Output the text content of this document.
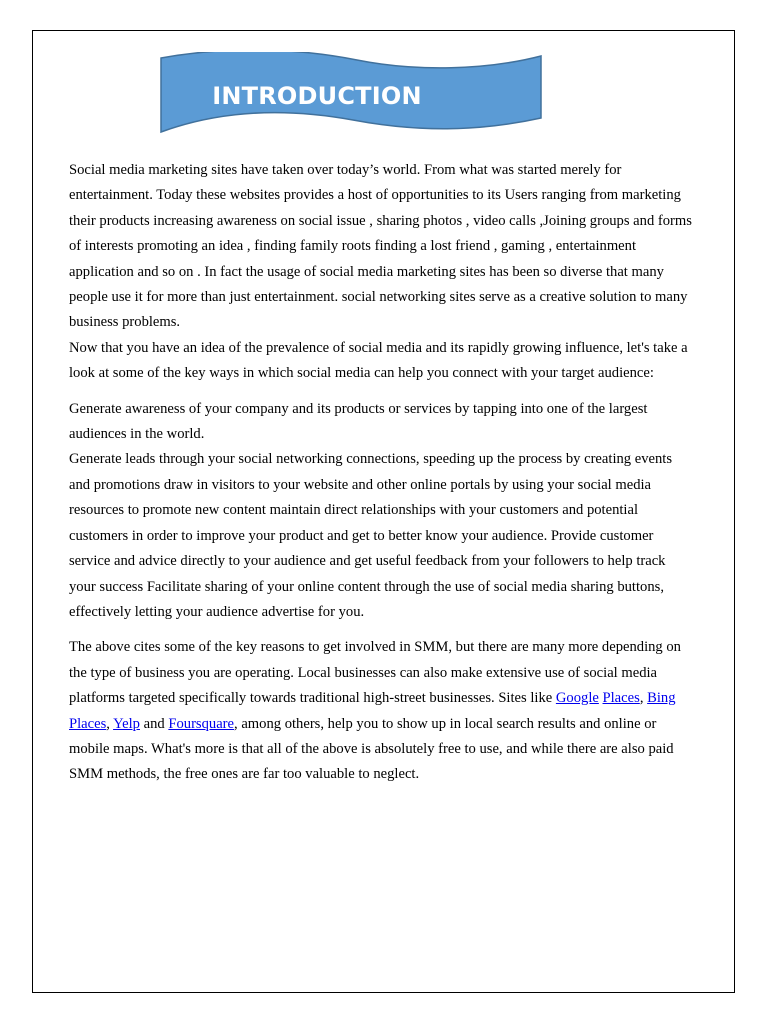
INTRODUCTION

Social media marketing sites have taken over today’s world. From what was started merely for entertainment. Today these websites provides a host of opportunities to its Users ranging from marketing their products increasing awareness on social issue , sharing photos , video calls ,Joining groups and forms of interests promoting an idea , finding family roots finding a lost friend , gaming , entertainment application and so on . In fact the usage of social media marketing sites has been so diverse that many people use it for more than just entertainment. social networking sites serve as a creative solution to many business problems.

Now that you have an idea of the prevalence of social media and its rapidly growing influence, let's take a look at some of the key ways in which social media can help you connect with your target audience:

Generate awareness of your company and its products or services by tapping into one of the largest audiences in the world.

Generate leads through your social networking connections, speeding up the process by creating events and promotions draw in visitors to your website and other online portals by using your social media resources to promote new content maintain direct relationships with your customers and potential customers in order to improve your product and get to better know your audience. Provide customer service and advice directly to your audience and get useful feedback from your followers to help track your success Facilitate sharing of your online content through the use of social media sharing buttons, effectively letting your audience advertise for you.

The above cites some of the key reasons to get involved in SMM, but there are many more depending on the type of business you are operating. Local businesses can also make extensive use of social media platforms targeted specifically towards traditional high-street businesses. Sites like Google Places, Bing Places, Yelp and Foursquare, among others, help you to show up in local search results and online or mobile maps. What's more is that all of the above is absolutely free to use, and while there are also paid SMM methods, the free ones are far too valuable to neglect.
